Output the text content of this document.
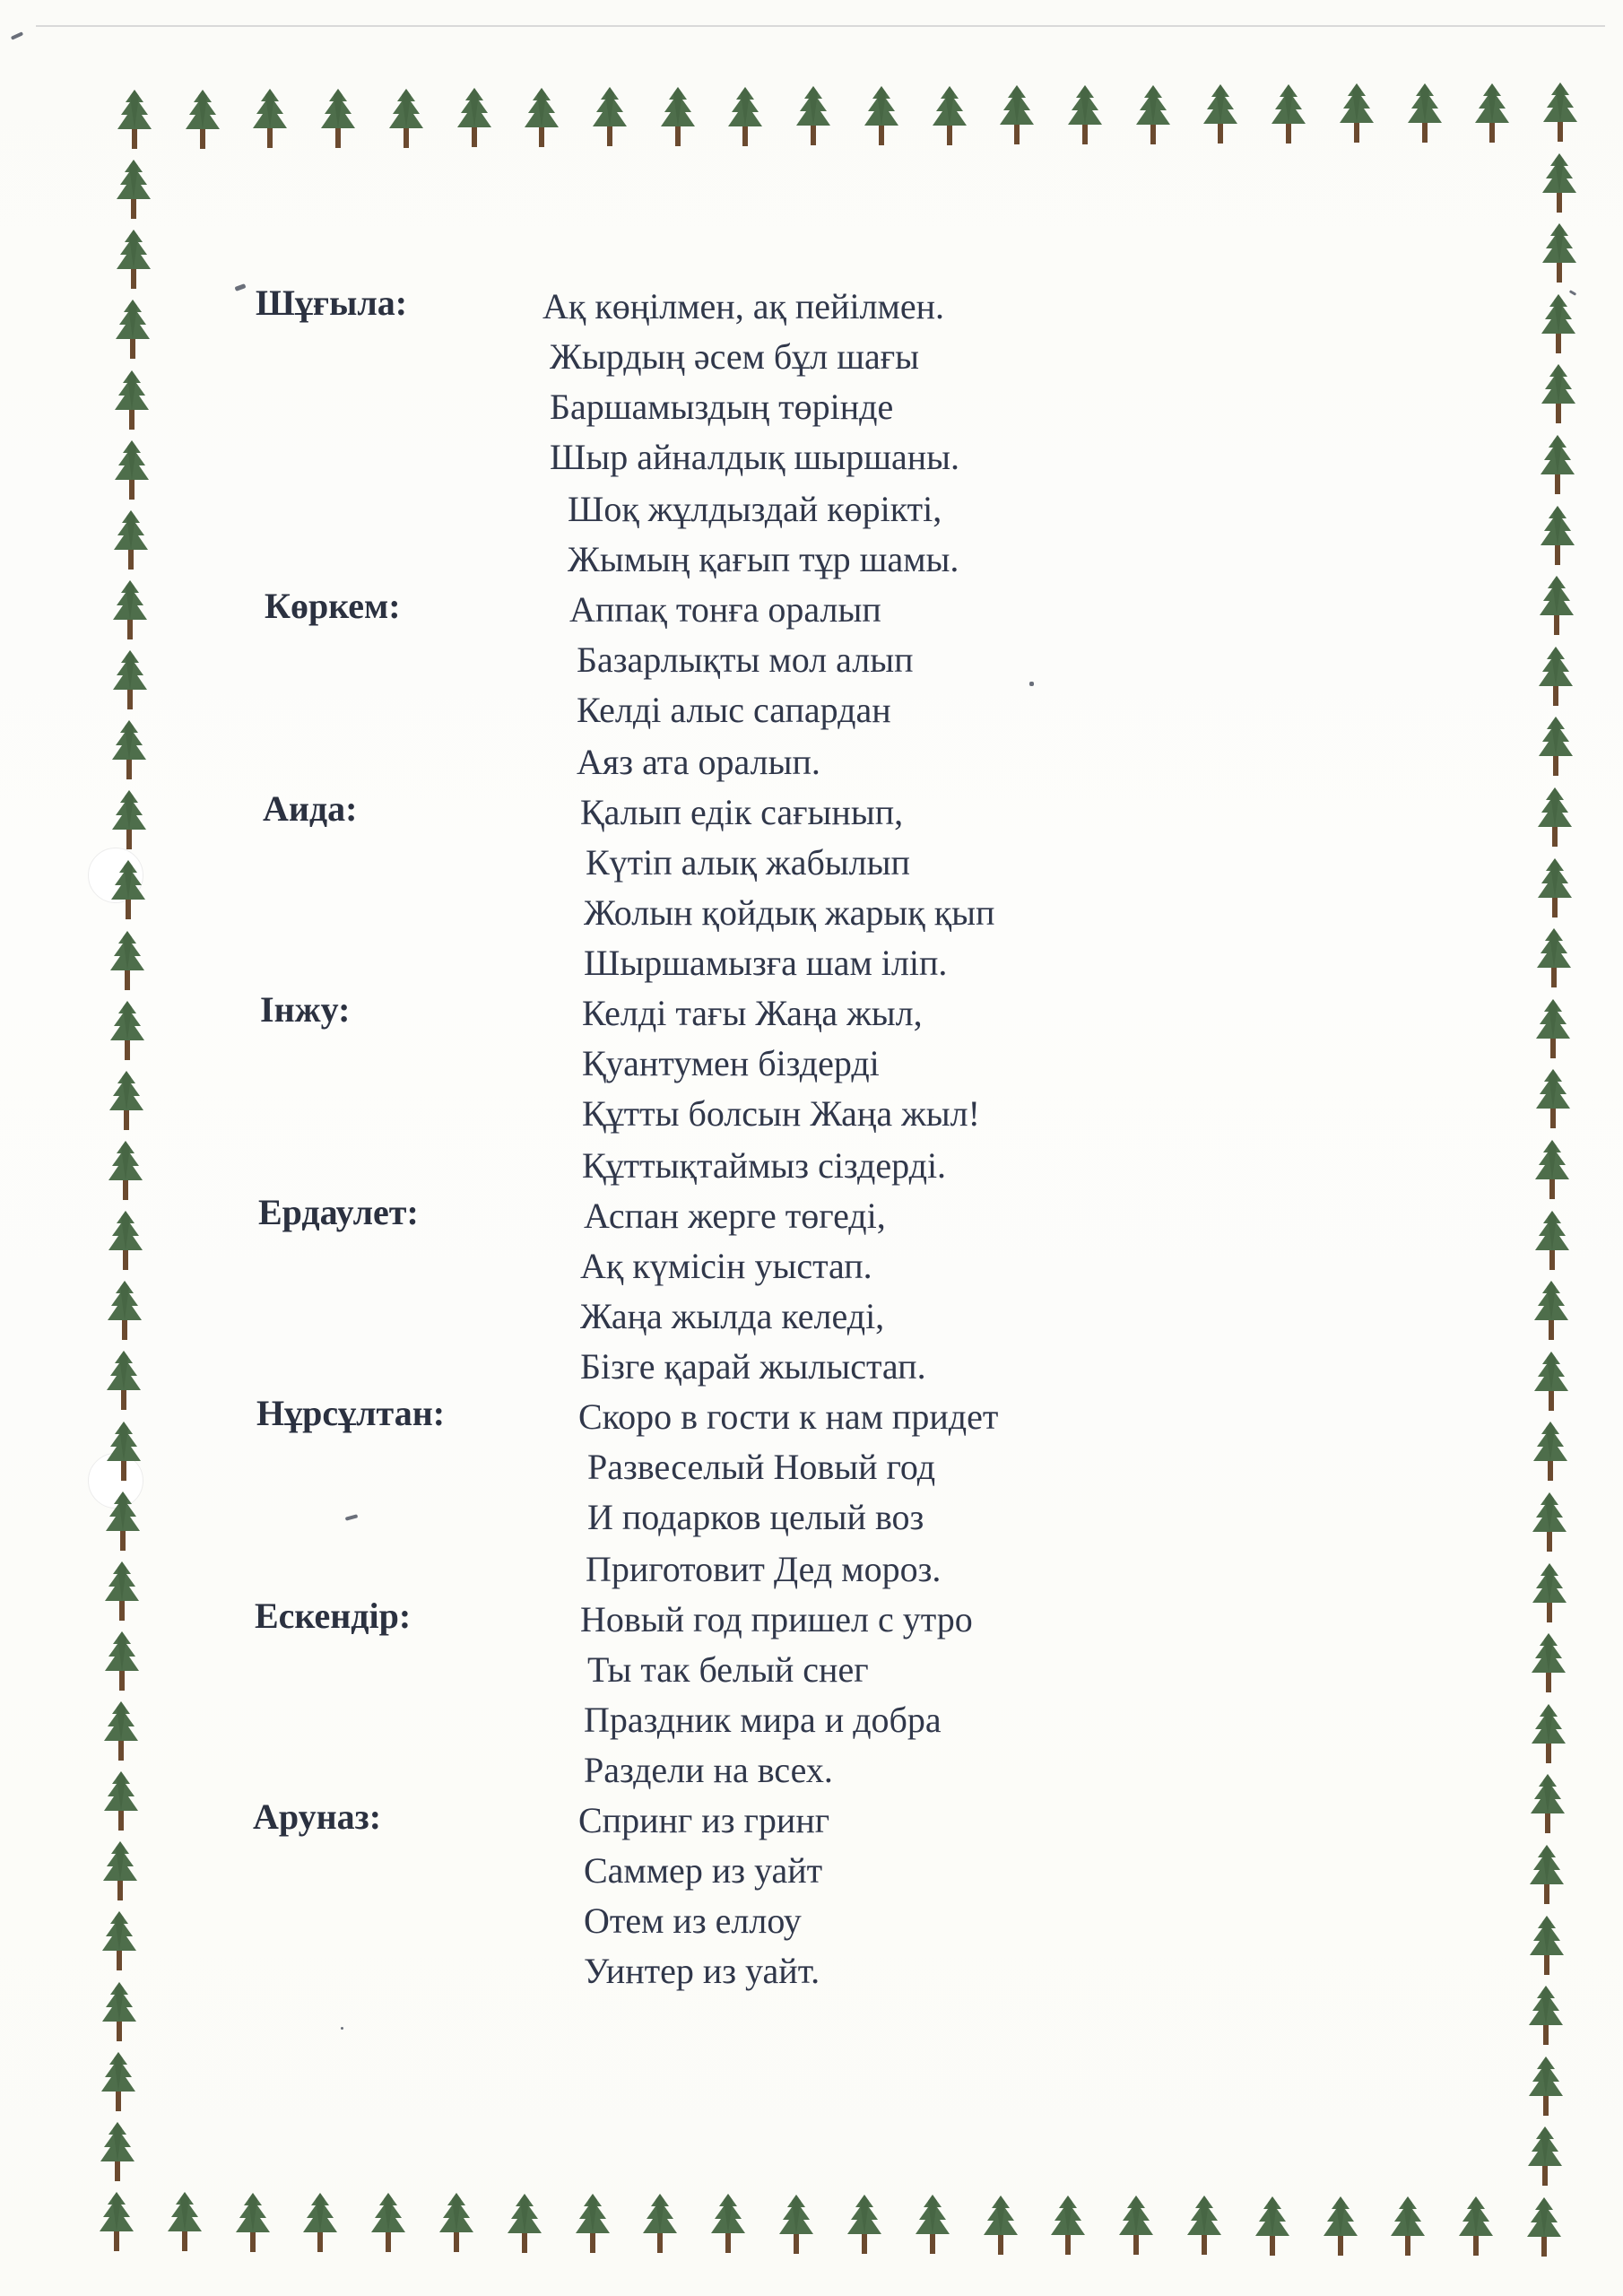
Шұғыла:	Ақ көңілмен, ақ пейілмен.
Жырдың әсем бұл шағы
Баршамыздың төрінде
Шыр айналдық шыршаны.
Шоқ жұлдыздай көрікті,
Жымың қағып тұр шамы.
Көркем:	Аппақ тонға оралып
Базарлықты мол алып
Келді алыс сапардан
Аяз ата оралып.
Аида:	Қалып едік сағынып,
Күтіп алық жабылып
Жолын қойдық жарық қып
Шыршамызға шам іліп.
Інжу:	Келді тағы Жаңа жыл,
Қуантумен біздерді
Құтты болсын Жаңа жыл!
Құттықтаймыз сіздерді.
Ердаулет:	Аспан жерге төгеді,
Ақ күмісін уыстап.
Жаңа жылда келеді,
Бізге қарай жылыстап.
Нұрсұлтан:	Скоро в гости к нам придет
Развеселый Новый год
И подарков целый воз
Приготовит Дед мороз.
Ескендір:	Новый год пришел с утро
Ты так белый снег
Праздник мира и добра
Раздели на всех.
Аруназ:	Спринг из гринг
Саммер из уайт
Отем из еллоу
Уинтер из уайт.
